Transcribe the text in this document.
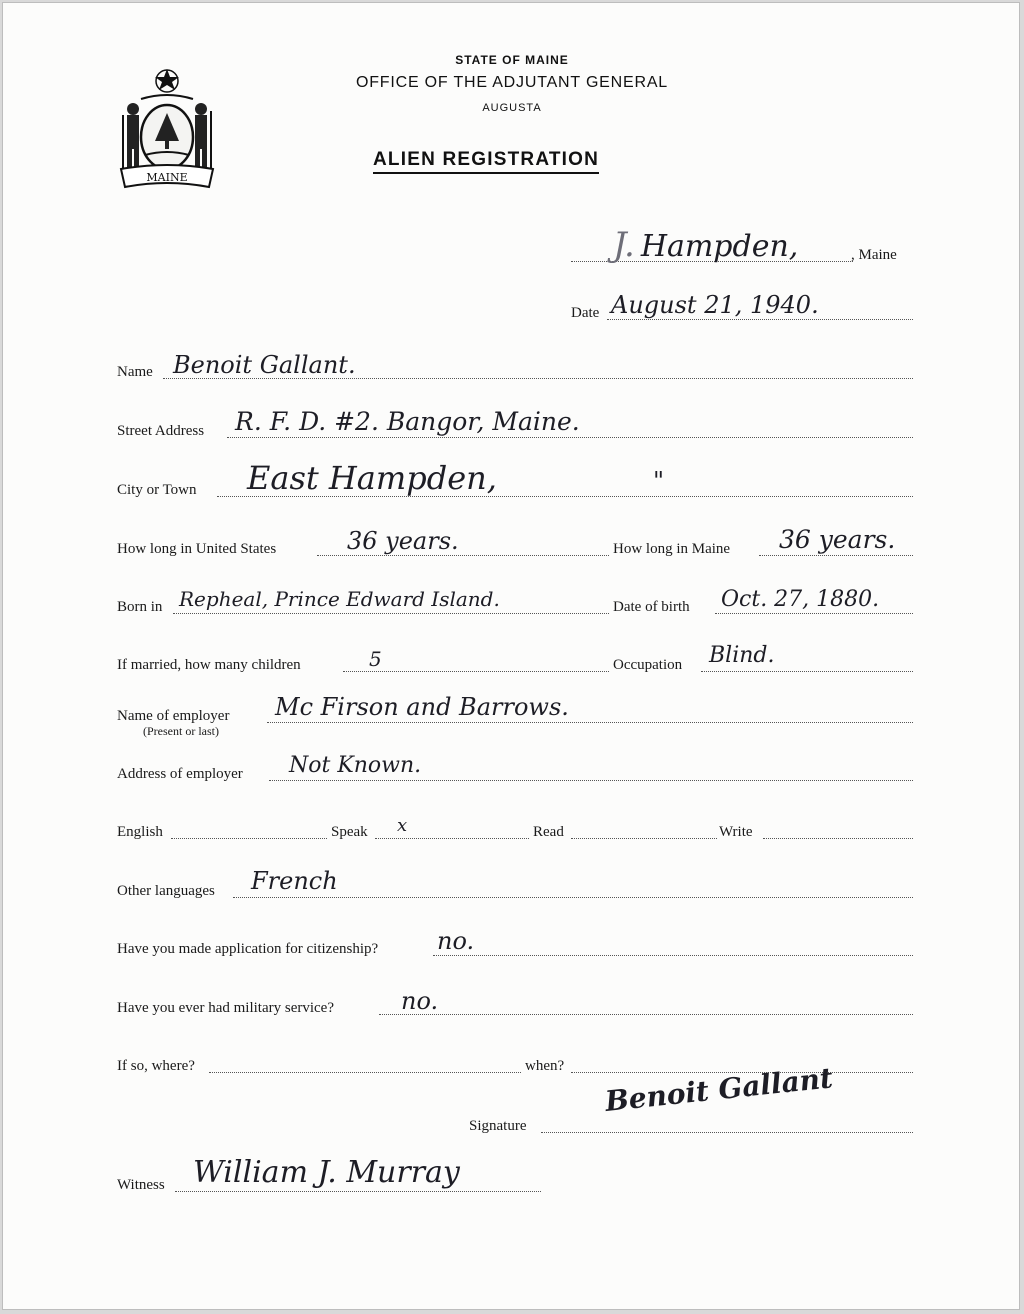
MAINE
STATE OF MAINE
OFFICE OF THE ADJUTANT GENERAL
AUGUSTA
ALIEN REGISTRATION
J. Hampden,	, Maine
Date August 21, 1940.
Name Benoit Gallant.
Street Address R. F. D. #2. Bangor, Maine.
City or Town East Hampden,	"
How long in United States	36 years.	How long in Maine 36 years.
Born in Repheal, Prince Edward Island.	Date of birth Oct. 27, 1880.
If married, how many children	5	Occupation Blind.
Name of employer
(Present or last)
Mc Firson and Barrows.
Address of employer Not Known.
English	Speak x	Read	Write
Other languages French
Have you made application for citizenship? no.
Have you ever had military service?	no.
If so, where?	when?
Signature
Benoit Gallant
Witness William J. Murray
